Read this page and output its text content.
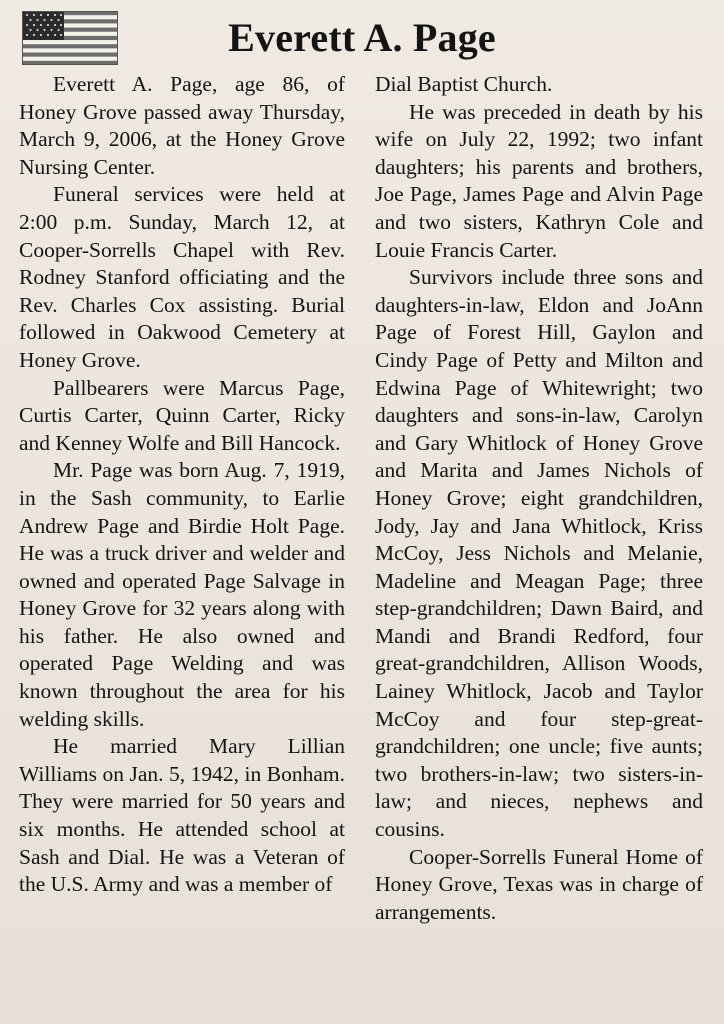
Everett A. Page

Everett A. Page, age 86, of Honey Grove passed away Thursday, March 9, 2006, at the Honey Grove Nursing Center.

Funeral services were held at 2:00 p.m. Sunday, March 12, at Cooper-Sorrells Chapel with Rev. Rodney Stanford officiating and the Rev. Charles Cox assisting. Burial followed in Oakwood Cemetery at Honey Grove.

Pallbearers were Marcus Page, Curtis Carter, Quinn Carter, Ricky and Kenney Wolfe and Bill Hancock.

Mr. Page was born Aug. 7, 1919, in the Sash community, to Earlie Andrew Page and Birdie Holt Page. He was a truck driver and welder and owned and operated Page Salvage in Honey Grove for 32 years along with his father. He also owned and operated Page Welding and was known throughout the area for his welding skills.

He married Mary Lillian Williams on Jan. 5, 1942, in Bonham. They were married for 50 years and six months. He attended school at Sash and Dial. He was a Veteran of the U.S. Army and was a member of

Dial Baptist Church.

He was preceded in death by his wife on July 22, 1992; two infant daughters; his parents and brothers, Joe Page, James Page and Alvin Page and two sisters, Kathryn Cole and Louie Francis Carter.

Survivors include three sons and daughters-in-law, Eldon and JoAnn Page of Forest Hill, Gaylon and Cindy Page of Petty and Milton and Edwina Page of Whitewright; two daughters and sons-in-law, Carolyn and Gary Whitlock of Honey Grove and Marita and James Nichols of Honey Grove; eight grandchildren, Jody, Jay and Jana Whitlock, Kriss McCoy, Jess Nichols and Melanie, Madeline and Meagan Page; three step-grandchildren; Dawn Baird, and Mandi and Brandi Redford, four great-grandchildren, Allison Woods, Lainey Whitlock, Jacob and Taylor McCoy and four step-great-grandchildren; one uncle; five aunts; two brothers-in-law; two sisters-in-law; and nieces, nephews and cousins.

Cooper-Sorrells Funeral Home of Honey Grove, Texas was in charge of arrangements.
